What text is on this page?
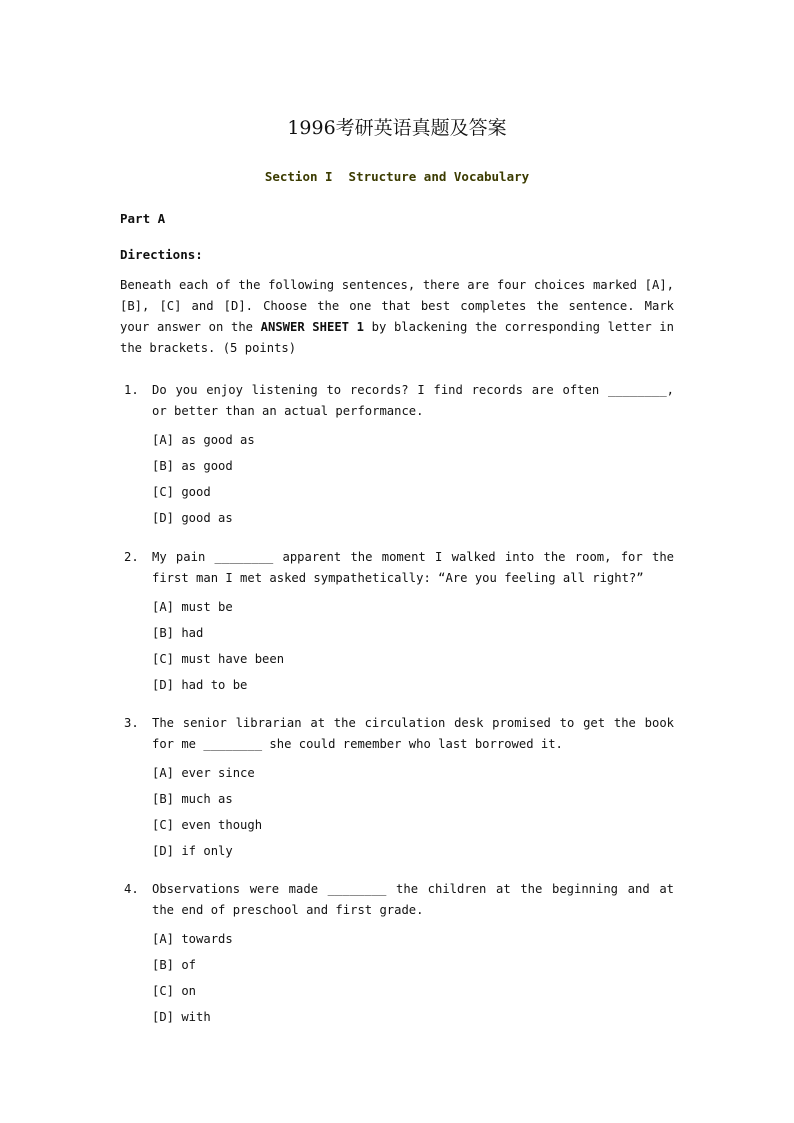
1996考研英语真题及答案
Section I Structure and Vocabulary
Part A
Directions:
Beneath each of the following sentences, there are four choices marked [A], [B], [C] and [D]. Choose the one that best completes the sentence. Mark your answer on the ANSWER SHEET 1 by blackening the corresponding letter in the brackets. (5 points)
1. Do you enjoy listening to records? I find records are often ________, or better than an actual performance.
[A] as good as
[B] as good
[C] good
[D] good as
2. My pain ________ apparent the moment I walked into the room, for the first man I met asked sympathetically: “Are you feeling all right?”
[A] must be
[B] had
[C] must have been
[D] had to be
3. The senior librarian at the circulation desk promised to get the book for me ________ she could remember who last borrowed it.
[A] ever since
[B] much as
[C] even though
[D] if only
4. Observations were made ________ the children at the beginning and at the end of preschool and first grade.
[A] towards
[B] of
[C] on
[D] with
